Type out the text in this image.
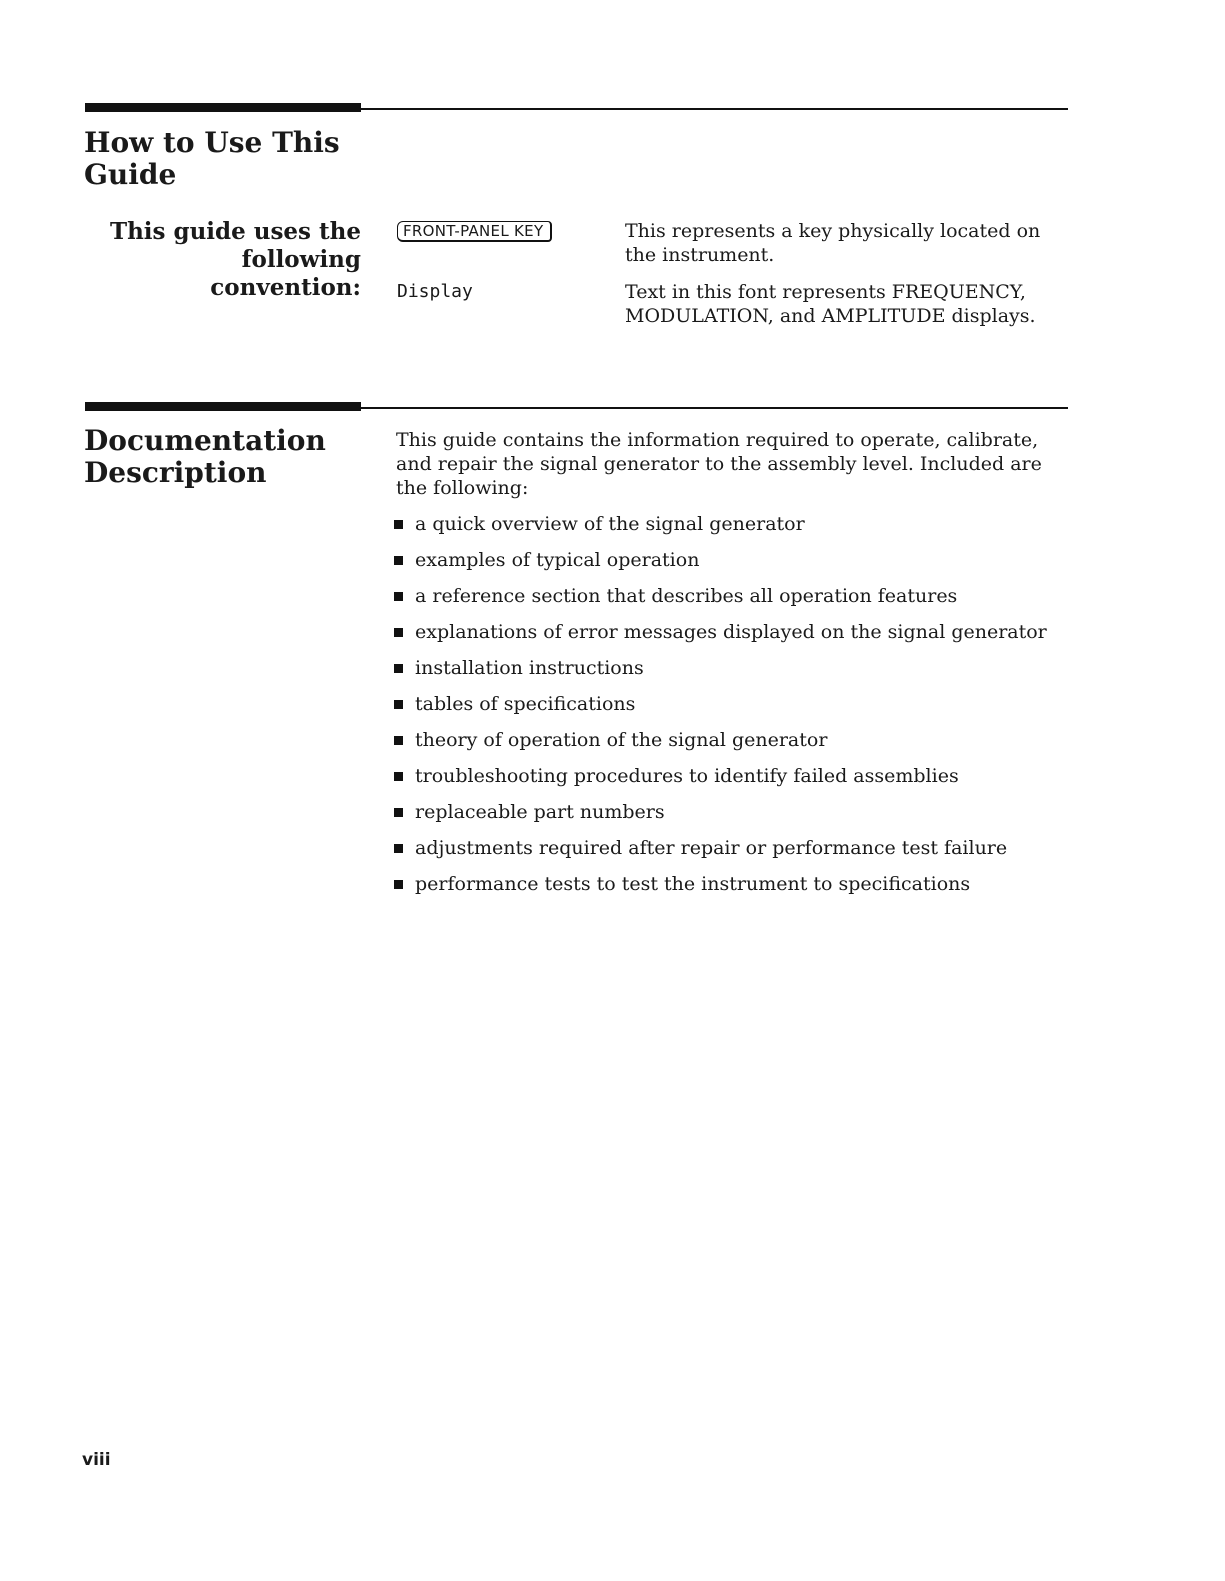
How to Use This Guide
This guide uses the following convention:
FRONT-PANEL KEY	This represents a key physically located on the instrument.
Display	Text in this font represents FREQUENCY, MODULATION, and AMPLITUDE displays.
Documentation Description
This guide contains the information required to operate, calibrate, and repair the signal generator to the assembly level. Included are the following:
a quick overview of the signal generator
examples of typical operation
a reference section that describes all operation features
explanations of error messages displayed on the signal generator
installation instructions
tables of specifications
theory of operation of the signal generator
troubleshooting procedures to identify failed assemblies
replaceable part numbers
adjustments required after repair or performance test failure
performance tests to test the instrument to specifications
viii
